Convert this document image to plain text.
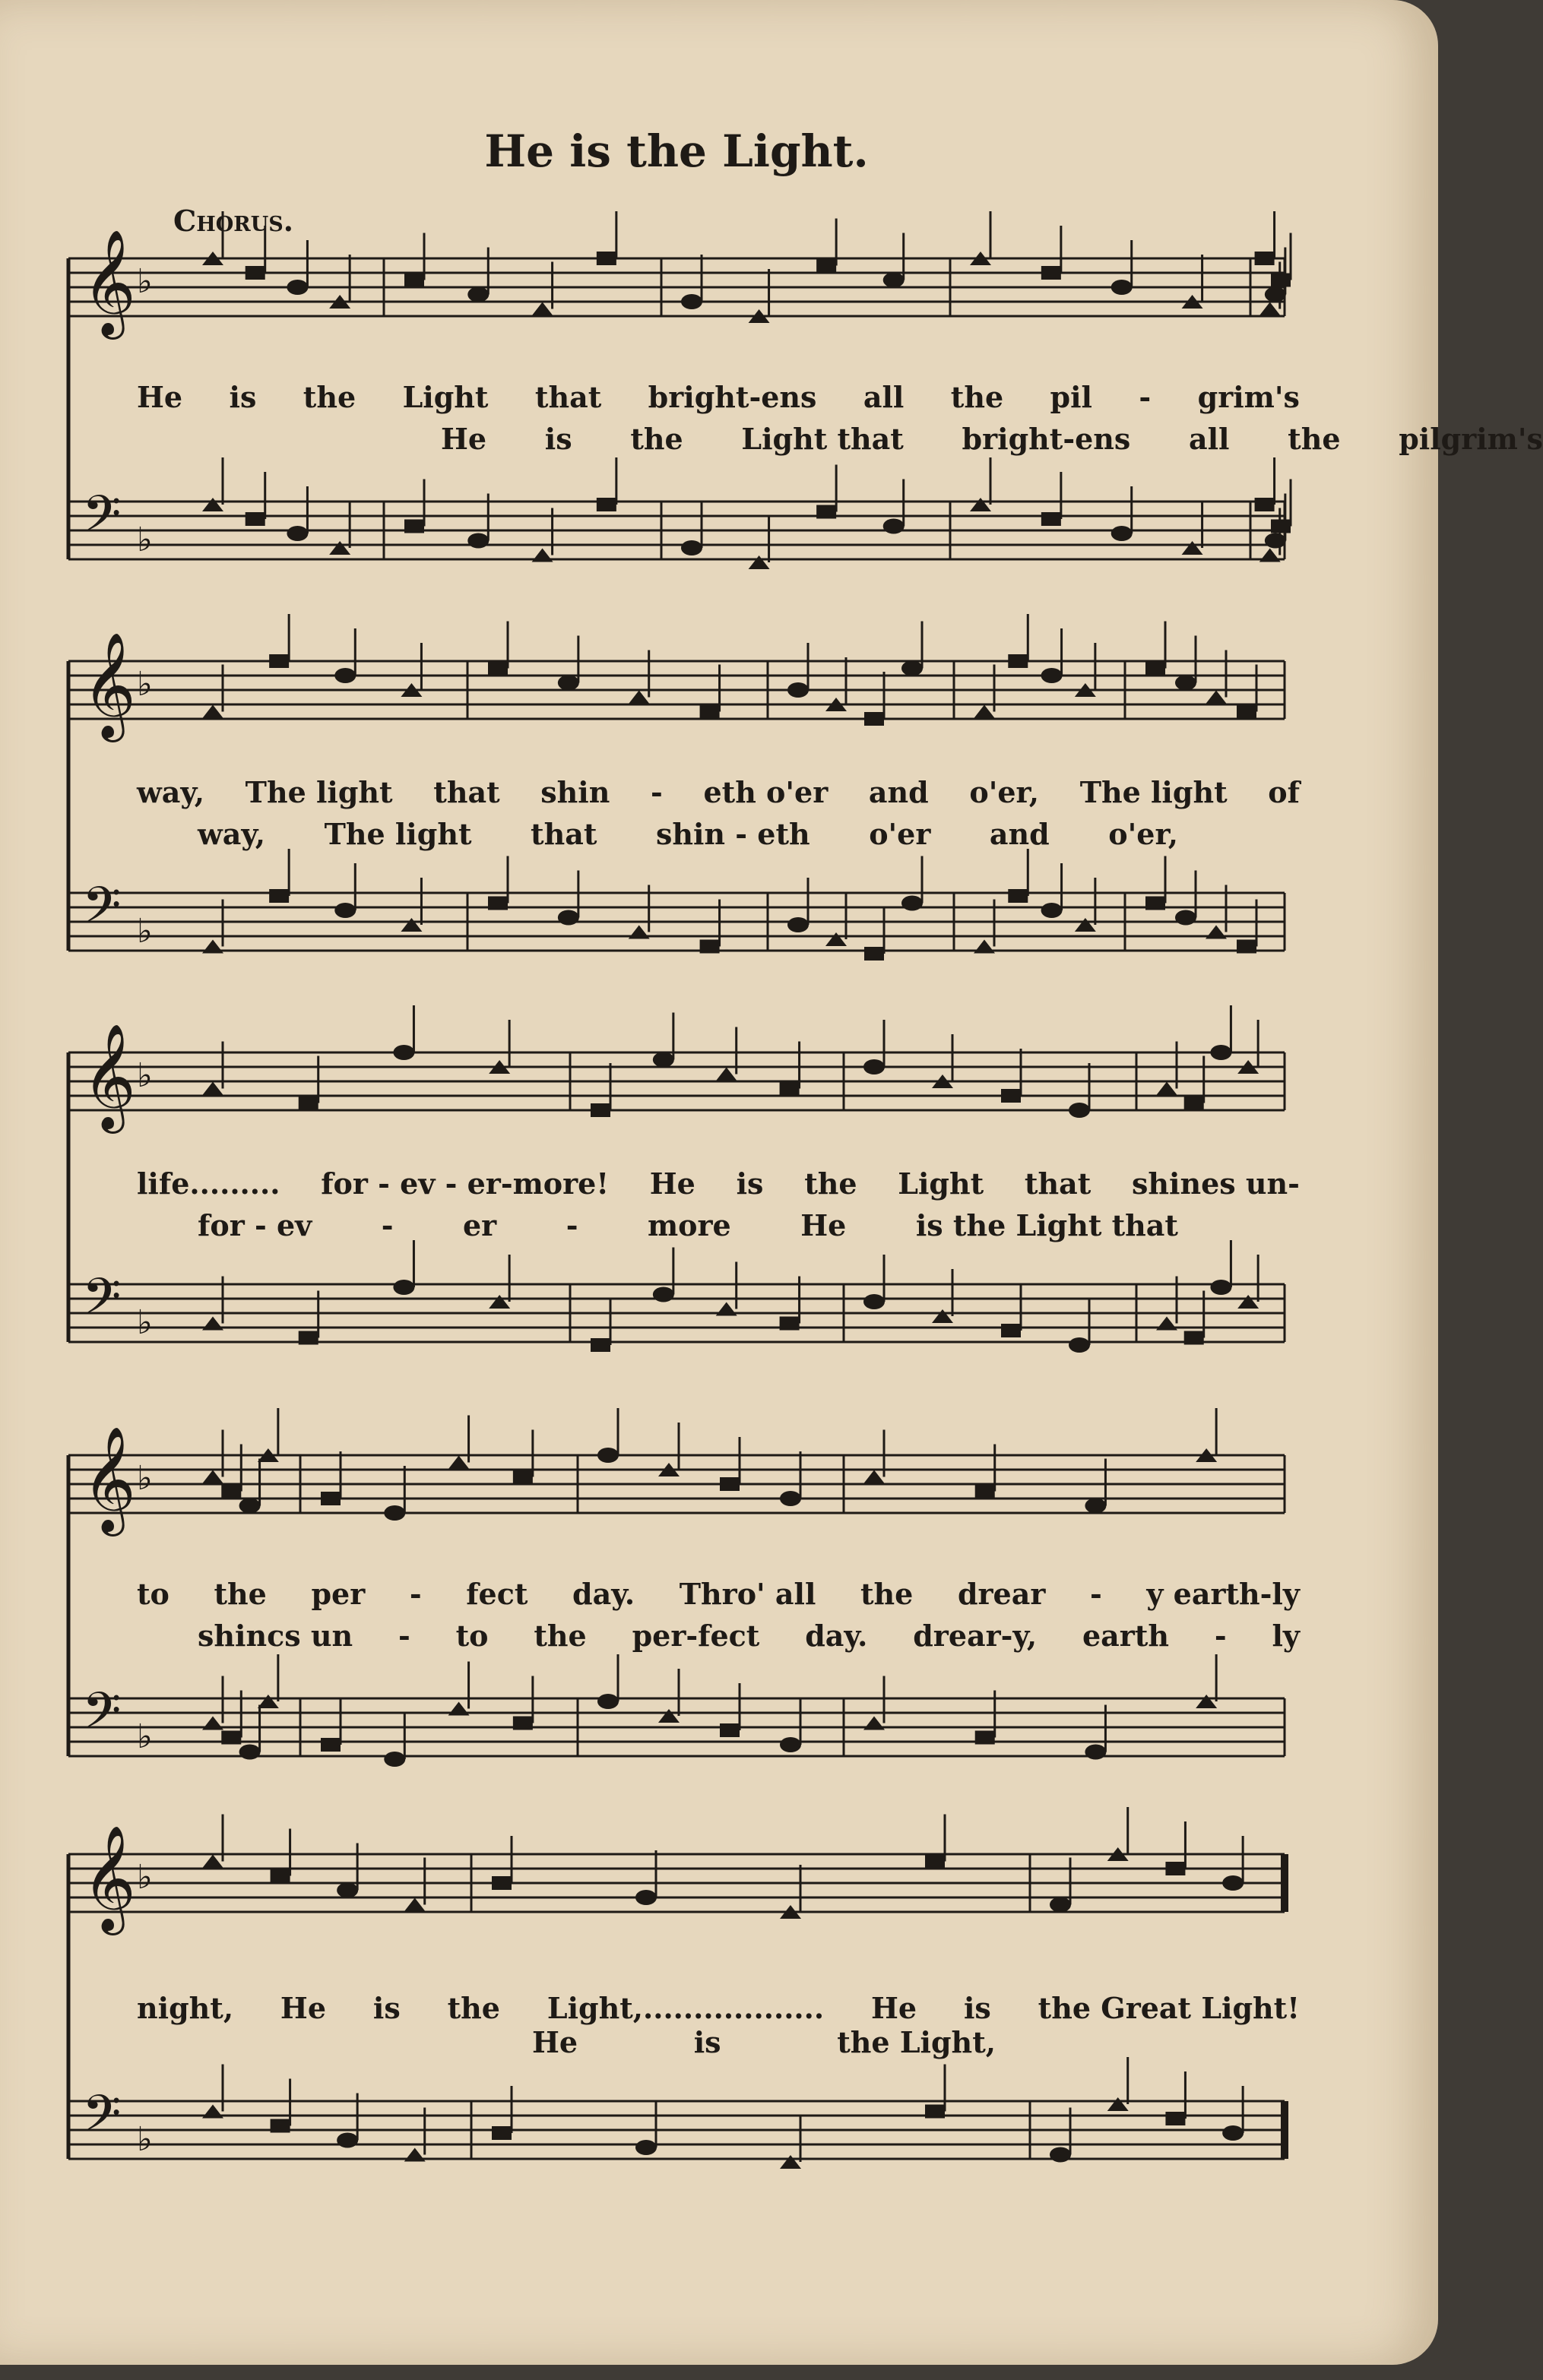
He is the Light.
Chorus.
𝄞 ♭
𝄢 ♭
He is the Light that bright-ens all the pil - grim's
He is the Light that bright-ens all the pilgrim's
𝄞 ♭
𝄢 ♭
way, The light that shin - eth o'er and o'er, The light of
way, The light that shin - eth o'er and o'er,
𝄞 ♭
𝄢 ♭
life......... for - ev - er-more! He is the Light that shines un-
for - ev - er - more He is the Light that
𝄞 ♭
𝄢 ♭
to the per - fect day. Thro' all the drear - y earth-ly
shincs un - to the per-fect day. drear-y, earth - ly
𝄞 ♭
𝄢 ♭
night, He is the Light,.................. He is the Great Light!
He	is	the Light,
